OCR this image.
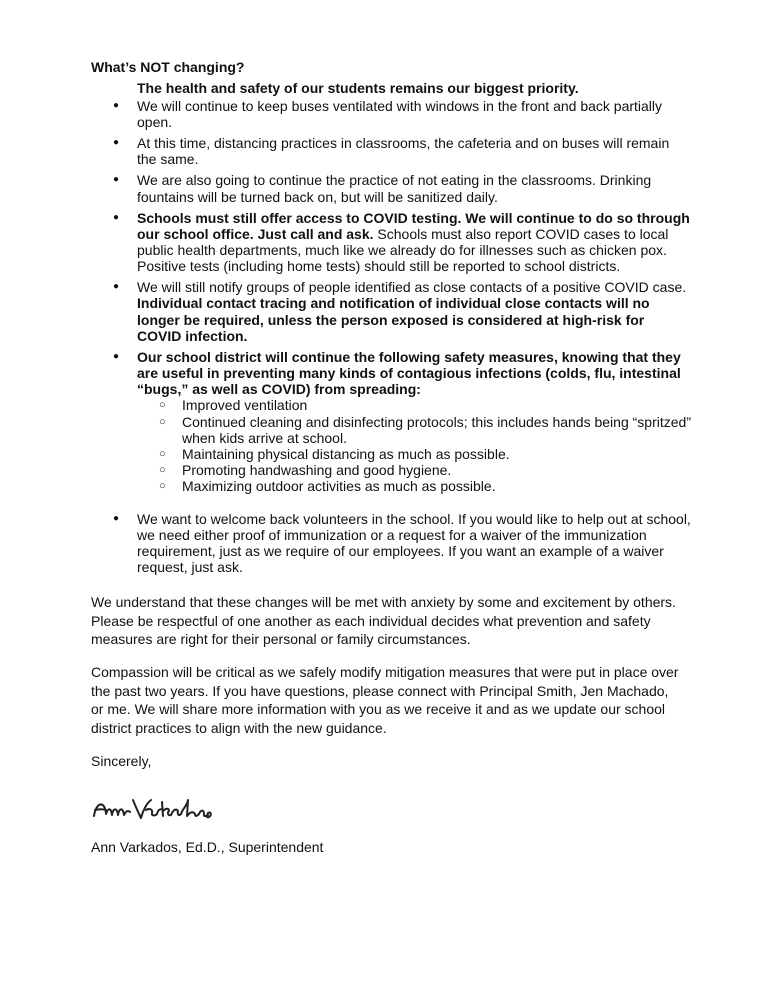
What’s NOT changing?

The health and safety of our students remains our biggest priority.

● We will continue to keep buses ventilated with windows in the front and back partially open.
● At this time, distancing practices in classrooms, the cafeteria and on buses will remain the same.
● We are also going to continue the practice of not eating in the classrooms. Drinking fountains will be turned back on, but will be sanitized daily.
● Schools must still offer access to COVID testing. We will continue to do so through our school office. Just call and ask. Schools must also report COVID cases to local public health departments, much like we already do for illnesses such as chicken pox. Positive tests (including home tests) should still be reported to school districts.
● We will still notify groups of people identified as close contacts of a positive COVID case. Individual contact tracing and notification of individual close contacts will no longer be required, unless the person exposed is considered at high-risk for COVID infection.
● Our school district will continue the following safety measures, knowing that they are useful in preventing many kinds of contagious infections (colds, flu, intestinal “bugs,” as well as COVID) from spreading:
○ Improved ventilation
○ Continued cleaning and disinfecting protocols; this includes hands being “spritzed” when kids arrive at school.
○ Maintaining physical distancing as much as possible.
○ Promoting handwashing and good hygiene.
○ Maximizing outdoor activities as much as possible.
● We want to welcome back volunteers in the school. If you would like to help out at school, we need either proof of immunization or a request for a waiver of the immunization requirement, just as we require of our employees. If you want an example of a waiver request, just ask.

We understand that these changes will be met with anxiety by some and excitement by others. Please be respectful of one another as each individual decides what prevention and safety measures are right for their personal or family circumstances.

Compassion will be critical as we safely modify mitigation measures that were put in place over the past two years. If you have questions, please connect with Principal Smith, Jen Machado, or me. We will share more information with you as we receive it and as we update our school district practices to align with the new guidance.

Sincerely,

Ann Varkados, Ed.D., Superintendent
